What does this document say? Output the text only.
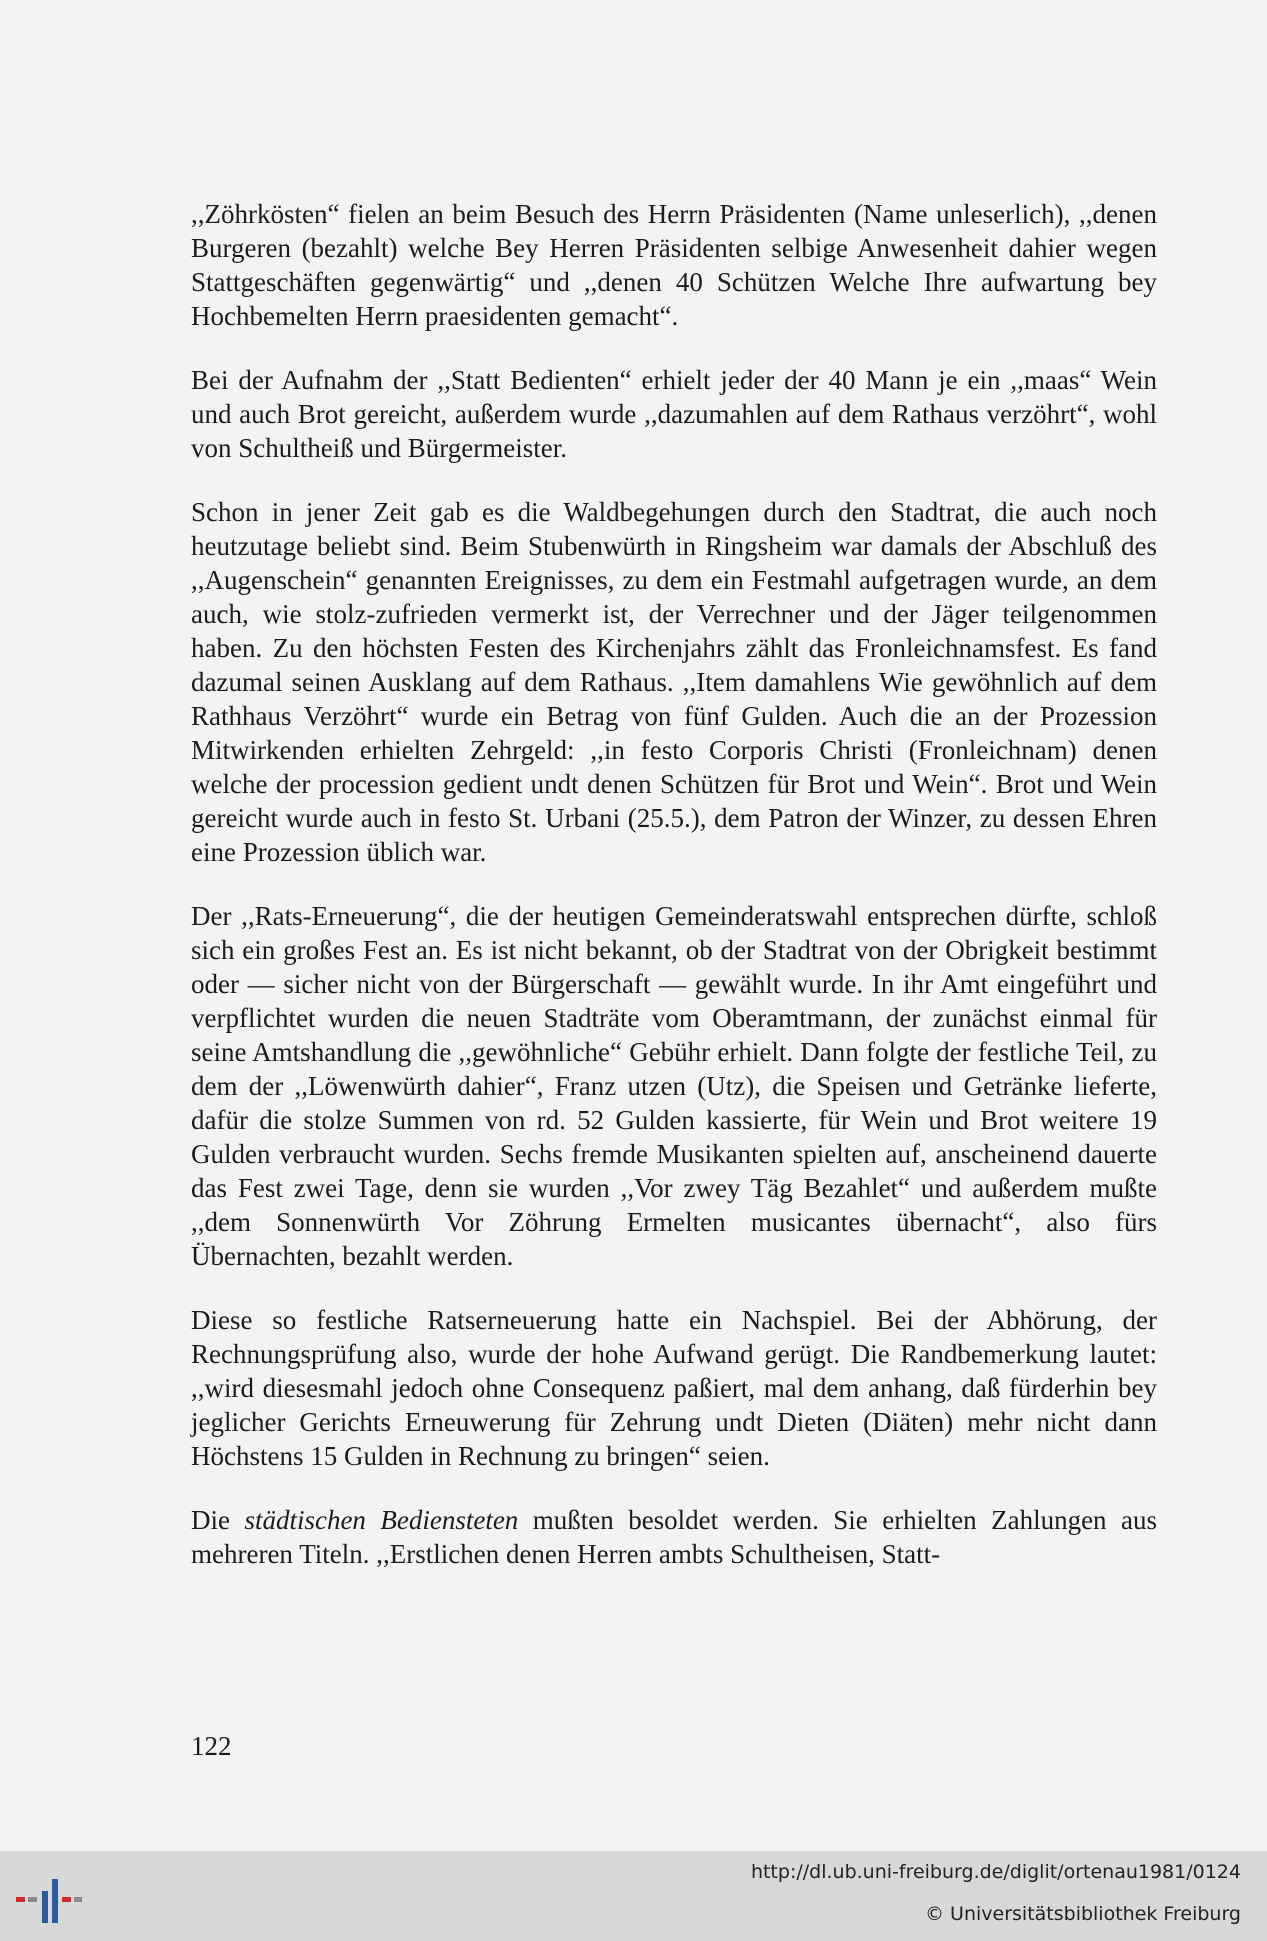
,,Zöhrkösten“ fielen an beim Besuch des Herrn Präsidenten (Name unleserlich), ,,denen Burgeren (bezahlt) welche Bey Herren Präsidenten selbige Anwesenheit dahier wegen Stattgeschäften gegenwärtig“ und ,,denen 40 Schützen Welche Ihre aufwartung bey Hochbemelten Herrn praesidenten gemacht“.

Bei der Aufnahm der ,,Statt Bedienten“ erhielt jeder der 40 Mann je ein ,,maas“ Wein und auch Brot gereicht, außerdem wurde ,,dazumahlen auf dem Rathaus verzöhrt“, wohl von Schultheiß und Bürgermeister.

Schon in jener Zeit gab es die Waldbegehungen durch den Stadtrat, die auch noch heutzutage beliebt sind. Beim Stubenwürth in Ringsheim war damals der Abschluß des ,,Augenschein“ genannten Ereignisses, zu dem ein Festmahl aufgetragen wurde, an dem auch, wie stolz-zufrieden vermerkt ist, der Verrechner und der Jäger teilgenommen haben. Zu den höchsten Festen des Kirchenjahrs zählt das Fronleichnamsfest. Es fand dazumal seinen Ausklang auf dem Rathaus. ,,Item damahlens Wie gewöhnlich auf dem Rathhaus Verzöhrt“ wurde ein Betrag von fünf Gulden. Auch die an der Prozession Mitwirkenden erhielten Zehrgeld: ,,in festo Corporis Christi (Fronleichnam) denen welche der procession gedient undt denen Schützen für Brot und Wein“. Brot und Wein gereicht wurde auch in festo St. Urbani (25.5.), dem Patron der Winzer, zu dessen Ehren eine Prozession üblich war.

Der ,,Rats-Erneuerung“, die der heutigen Gemeinderatswahl entsprechen dürfte, schloß sich ein großes Fest an. Es ist nicht bekannt, ob der Stadtrat von der Obrigkeit bestimmt oder — sicher nicht von der Bürgerschaft — gewählt wurde. In ihr Amt eingeführt und verpflichtet wurden die neuen Stadträte vom Oberamtmann, der zunächst einmal für seine Amtshandlung die ,,gewöhnliche“ Gebühr erhielt. Dann folgte der festliche Teil, zu dem der ,,Löwenwürth dahier“, Franz utzen (Utz), die Speisen und Getränke lieferte, dafür die stolze Summen von rd. 52 Gulden kassierte, für Wein und Brot weitere 19 Gulden verbraucht wurden. Sechs fremde Musikanten spielten auf, anscheinend dauerte das Fest zwei Tage, denn sie wurden ,,Vor zwey Täg Bezahlet“ und außerdem mußte ,,dem Sonnenwürth Vor Zöhrung Ermelten musicantes übernacht“, also fürs Übernachten, bezahlt werden.

Diese so festliche Ratserneuerung hatte ein Nachspiel. Bei der Abhörung, der Rechnungsprüfung also, wurde der hohe Aufwand gerügt. Die Randbemerkung lautet: ,,wird diesesmahl jedoch ohne Consequenz paßiert, mal dem anhang, daß fürderhin bey jeglicher Gerichts Erneuwerung für Zehrung undt Dieten (Diäten) mehr nicht dann Höchstens 15 Gulden in Rechnung zu bringen“ seien.

Die städtischen Bediensteten mußten besoldet werden. Sie erhielten Zahlungen aus mehreren Titeln. ,,Erstlichen denen Herren ambts Schultheisen, Statt-

122
http://dl.ub.uni-freiburg.de/diglit/ortenau1981/0124
© Universitätsbibliothek Freiburg
